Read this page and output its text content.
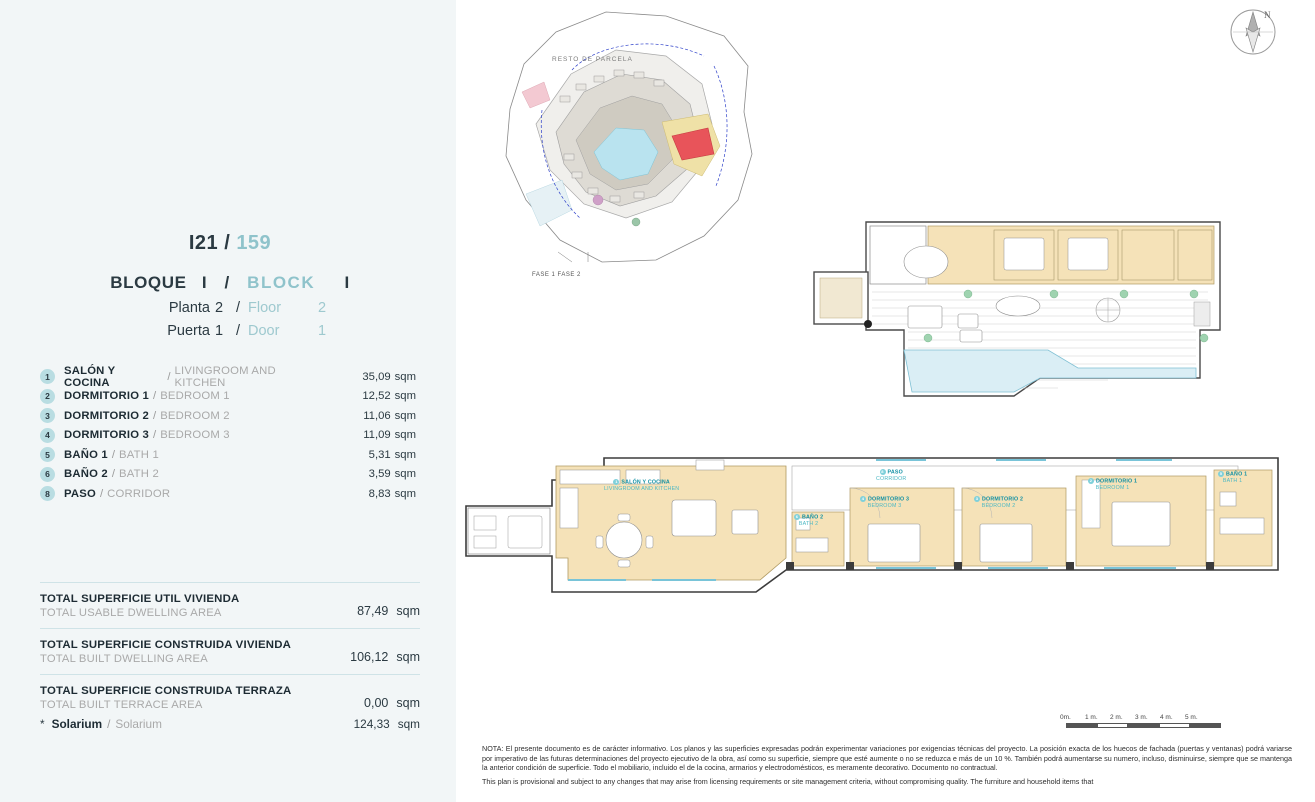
I21 / 159
BLOQUE I / BLOCK I
Planta 2 / Floor	2
Puerta 1 / Door	1
1	SALÓN Y COCINA	/ LIVINGROOM AND KITCHEN	35,09 sqm
2	DORMITORIO 1 / BEDROOM 1	12,52 sqm
3	DORMITORIO 2 / BEDROOM 2	11,06 sqm
4	DORMITORIO 3 / BEDROOM 3	11,09 sqm
5	BAÑO 1 / BATH 1	5,31 sqm
6	BAÑO 2 / BATH 2	3,59 sqm
8	PASO / CORRIDOR	8,83 sqm
TOTAL SUPERFICIE UTIL VIVIENDA
TOTAL USABLE DWELLING AREA	87,49 sqm
TOTAL SUPERFICIE CONSTRUIDA VIVIENDA
TOTAL BUILT DWELLING AREA	106,12 sqm
TOTAL SUPERFICIE CONSTRUIDA TERRAZA
TOTAL BUILT TERRACE AREA	0,00 sqm
* Solarium / Solarium	124,33 sqm
N
RESTO DE PARCELA
FASE 1 FASE 2
1 SALÓN Y COCINA
LIVINGROOM AND KITCHEN
8 PASO
CORRIDOR
6 BAÑO 2
BATH 2
4 DORMITORIO 3
BEDROOM 3
3 DORMITORIO 2
BEDROOM 2
2 DORMITORIO 1
BEDROOM 1
5 BAÑO 1
BATH 1
0m.	1 m.	2 m.	3 m.	4 m.	5 m.

NOTA: El presente documento es de carácter informativo. Los planos y las superficies expresadas podrán experimentar variaciones por exigencias técnicas del proyecto. La posición exacta de los huecos de fachada (puertas y ventanas) podrá variarse por imperativo de las futuras determinaciones del proyecto ejecutivo de la obra, así como su superficie, siempre que esté aumente o no se reduzca e más de un 10 %. También podrá aumentarse su numero, incluso, disminuirse, siempre que se mantenga la anterior condición de superficie. Todo el mobiliario, incluido el de la cocina, armarios y electrodomésticos, es meramente decorativo. Documento no contractual.

This plan is provisional and subject to any changes that may arise from licensing requirements or site management criteria, without compromising quality. The furniture and household items that
